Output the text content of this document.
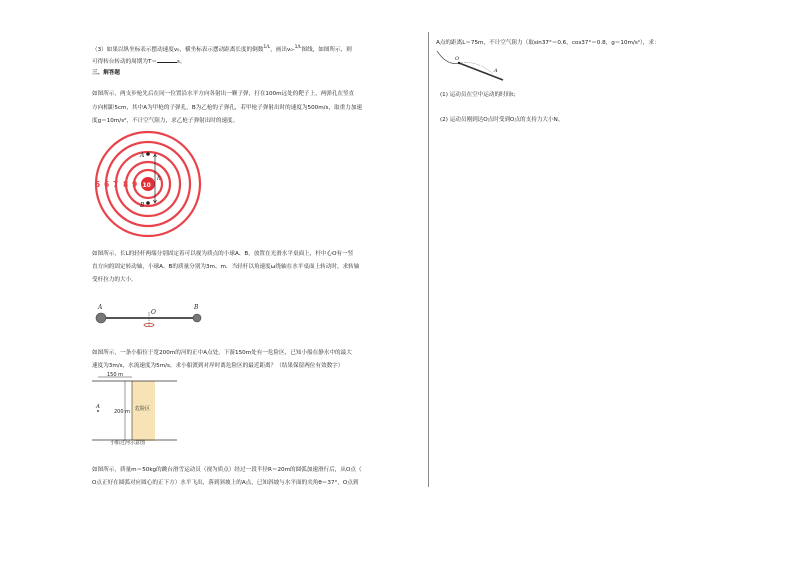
（3）如果以纵坐标表示摆动速度v₀，横坐标表示摆动距离长度的倒数$^{1/L}$，画出v₀-$^{1/L}$图线，如图所示，则
可得转台转动的周期为T＝	s。
三、解答题
如图所示，两支步枪先后在同一位置沿水平方向各射出一颗子弹，打在100m远处的靶子上，两弹孔在竖直
方向相距5cm，其中A为甲枪的子弹孔，B为乙枪的子弹孔，若甲枪子弹射出时的速度为500m/s，取重力加速
度g＝10m/s²，不计空气阻力，求乙枪子弹射出时的速度。
5 6 7 8 9 10
A
B
h
如图所示，长L的轻杆两端分别固定着可以视为质点的小球A、B，放置在光滑水平桌面上，杆中心O有一竖
直方向的固定转动轴，小球A、B的质量分别为3m、m．当轻杆以角速度ω绕轴在水平桌面上转动时，求转轴
受杆拉力的大小。
A	B
O
如图所示，一条小船位于宽200m的河的正中A点处，下游150m处有一危险区，已知小船在静水中的最大
速度为3m/s，水流速度为5m/s，求小船渡到对岸时离危险区的最近距离？（结果保留两位有效数字）
150 m
200 m
A	危险区
小船过河示意图
如图所示，质量m＝50kg的跳台滑雪运动员（视为质点）经过一段半径R＝20m的圆弧加速滑行后，从O点（
O点正好在圆弧对应圆心的正下方）水平飞出，落到斜坡上的A点，已知斜坡与水平面的夹角θ＝37°，O点到
A点的距离L＝75m，不计空气阻力（取sin37°＝0.6，cos37°＝0.8，g＝10m/s²），求：
O
A
(1) 运动员在空中运动的时间t；
(2) 运动员刚到达O点时受到O点的支持力大小N。
